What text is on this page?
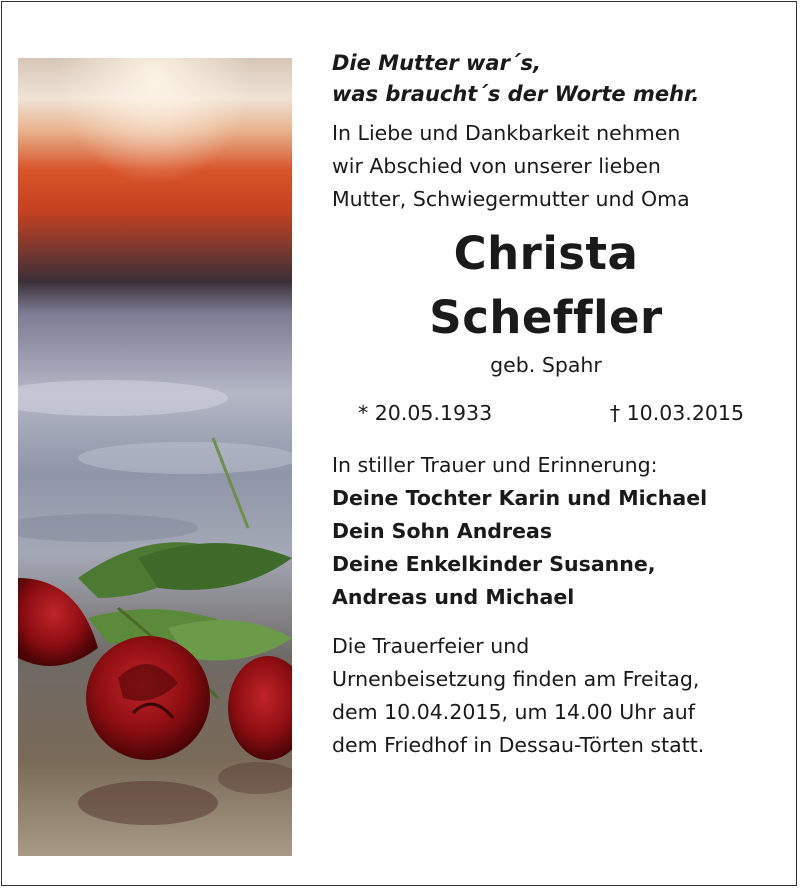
Die Mutter war´s,

was braucht´s der Worte mehr.

In Liebe und Dankbarkeit nehmen

wir Abschied von unserer lieben

Mutter, Schwiegermutter und Oma

Christa
Scheffler
geb. Spahr
* 20.05.1933	† 10.03.2015

In stiller Trauer und Erinnerung:

Deine Tochter Karin und Michael

Dein Sohn Andreas

Deine Enkelkinder Susanne,

Andreas und Michael

Die Trauerfeier und

Urnenbeisetzung finden am Freitag,

dem 10.04.2015, um 14.00 Uhr auf

dem Friedhof in Dessau-Törten statt.
